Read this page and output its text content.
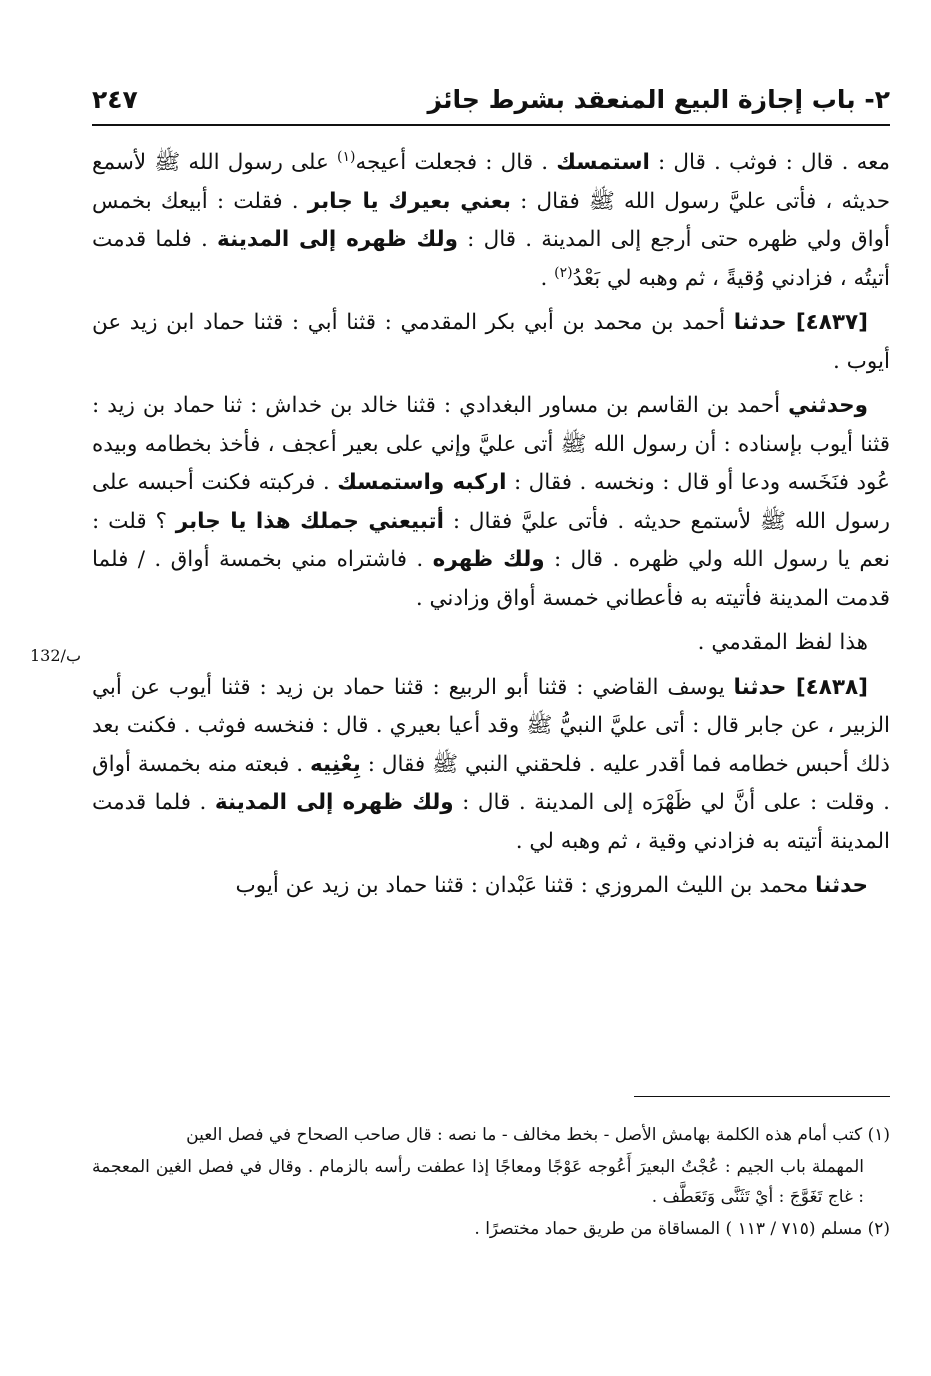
٢- باب إجازة البيع المنعقد بشرط جائز
٢٤٧

معه . قال : فوثب . قال : استمسك . قال : فجعلت أعيجه$^{(١)}$ على رسول الله ﷺ لأسمع حديثه ، فأتى عليَّ رسول الله ﷺ فقال : بعني بعيرك يا جابر . فقلت : أبيعك بخمس أواق ولي ظهره حتى أرجع إلى المدينة . قال : ولك ظهره إلى المدينة . فلما قدمت أتيتُه ، فزادني وُقيةً ، ثم وهبه لي بَعْدُ$^{(٢)}$ .

[٤٨٣٧] حدثنا أحمد بن محمد بن أبي بكر المقدمي : قثنا أبي : قثنا حماد ابن زيد عن أيوب .

وحدثني أحمد بن القاسم بن مساور البغدادي : قثنا خالد بن خداش : ثنا حماد بن زيد : قثنا أيوب بإسناده : أن رسول الله ﷺ أتى عليَّ وإني على بعير أعجف ، فأخذ بخطامه وبيده عُود فنَخَسه ودعا أو قال : ونخسه . فقال : اركبه واستمسك . فركبته فكنت أحبسه على رسول الله ﷺ لأستمع حديثه . فأتى عليَّ فقال : أتبيعني جملك هذا يا جابر ؟ قلت : نعم يا رسول الله ولي ظهره . قال : ولك ظهره . فاشتراه مني بخمسة أواق . / فلما قدمت المدينة فأتيته به فأعطاني خمسة أواق وزادني .

هذا لفظ المقدمي .

[٤٨٣٨] حدثنا يوسف القاضي : قثنا أبو الربيع : قثنا حماد بن زيد : قثنا أيوب عن أبي الزبير ، عن جابر قال : أتى عليَّ النبيُّ ﷺ وقد أعيا بعيري . قال : فنخسه فوثب . فكنت بعد ذلك أحبس خطامه فما أقدر عليه . فلحقني النبي ﷺ فقال : بِعْنِيه . فبعته منه بخمسة أواق . وقلت : على أنَّ لي ظَهْرَه إلى المدينة . قال : ولك ظهره إلى المدينة . فلما قدمت المدينة أتيته به فزادني وقية ، ثم وهبه لي .

حدثنا محمد بن الليث المروزي : قثنا عَبْدان : قثنا حماد بن زيد عن أيوب

(١) كتب أمام هذه الكلمة بهامش الأصل - بخط مخالف - ما نصه : قال صاحب الصحاح في فصل العين

المهملة باب الجيم : عُجْتُ البعيرَ أَعُوجه عَوْجًا ومعاجًا إذا عطفت رأسه بالزمام . وقال في فصل الغين المعجمة : غاج تَغَوَّجَ : أيْ تَثَنَّى وَتَعَطَّف .

(٢) مسلم (٧١٥ / ١١٣ ) المساقاة من طريق حماد مختصرًا .

132/ب
